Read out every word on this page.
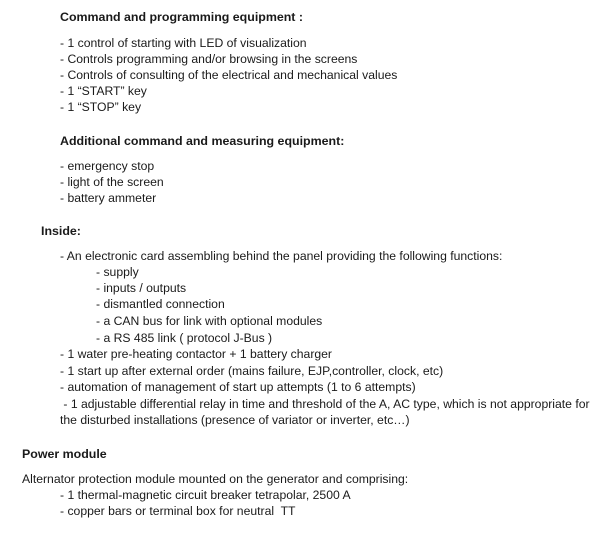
Command and programming equipment :
- 1 control of starting with LED of visualization
- Controls programming and/or browsing in the screens
- Controls of consulting of the electrical and mechanical values
- 1 “START” key
- 1 “STOP” key
Additional command and measuring equipment:
- emergency stop
- light of the screen
- battery ammeter
Inside:
- An electronic card assembling behind the panel providing the following functions:
- supply
- inputs / outputs
- dismantled connection
- a CAN bus for link with optional modules
- a RS 485 link ( protocol J-Bus )
- 1 water pre-heating contactor + 1 battery charger
- 1 start up after external order (mains failure, EJP,controller, clock, etc)
- automation of management of start up attempts (1 to 6 attempts)
- 1 adjustable differential relay in time and threshold of the A, AC type, which is not appropriate for the disturbed installations (presence of variator or inverter, etc…)
Power module
Alternator protection module mounted on the generator and comprising:
- 1 thermal-magnetic circuit breaker tetrapolar, 2500 A
- copper bars or terminal box for neutral  TT
